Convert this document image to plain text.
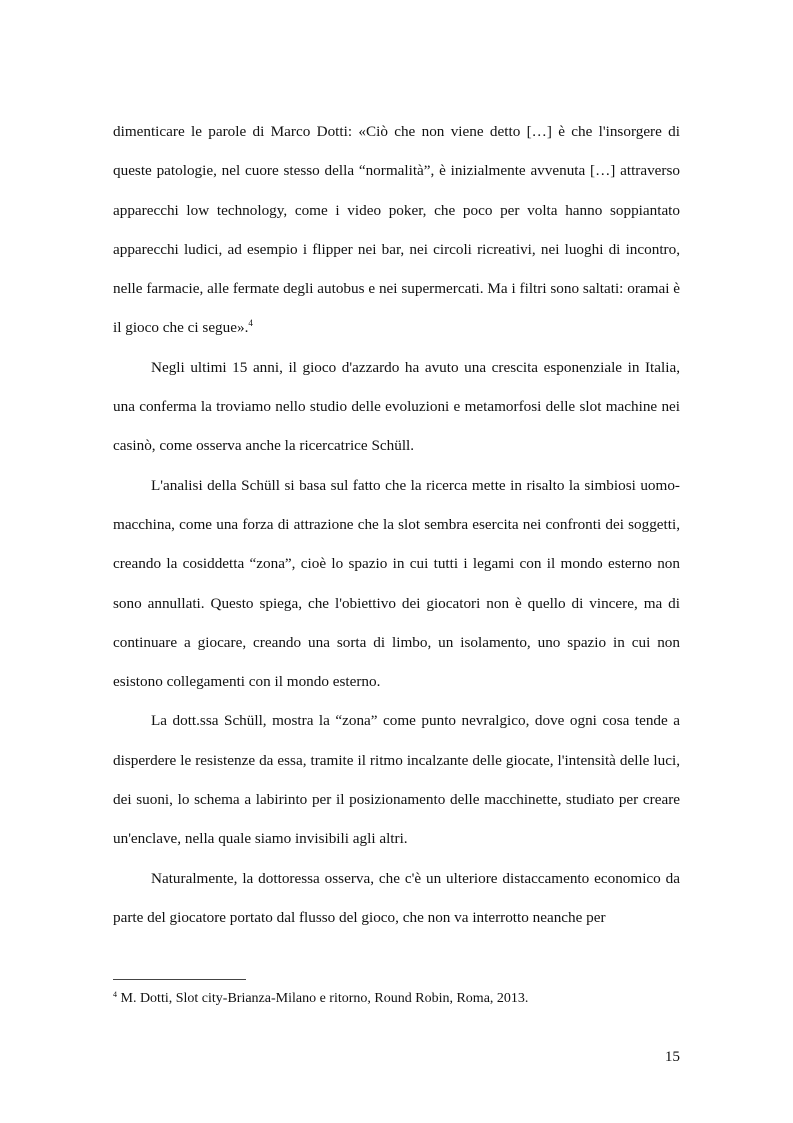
dimenticare le parole di Marco Dotti: «Ciò che non viene detto […] è che l'insorgere di queste patologie, nel cuore stesso della “normalità”, è inizialmente avvenuta […] attraverso apparecchi low technology, come i video poker, che poco per volta hanno soppiantato apparecchi ludici, ad esempio i flipper nei bar, nei circoli ricreativi, nei luoghi di incontro, nelle farmacie, alle fermate degli autobus e nei supermercati. Ma i filtri sono saltati: oramai è il gioco che ci segue».$^4$

Negli ultimi 15 anni, il gioco d'azzardo ha avuto una crescita esponenziale in Italia, una conferma la troviamo nello studio delle evoluzioni e metamorfosi delle slot machine nei casinò, come osserva anche la ricercatrice Schüll.

L'analisi della Schüll si basa sul fatto che la ricerca mette in risalto la simbiosi uomo-macchina, come una forza di attrazione che la slot sembra esercita nei confronti dei soggetti, creando la cosiddetta “zona”, cioè lo spazio in cui tutti i legami con il mondo esterno non sono annullati. Questo spiega, che l'obiettivo dei giocatori non è quello di vincere, ma di continuare a giocare, creando una sorta di limbo, un isolamento, uno spazio in cui non esistono collegamenti con il mondo esterno.

La dott.ssa Schüll, mostra la “zona” come punto nevralgico, dove ogni cosa tende a disperdere le resistenze da essa, tramite il ritmo incalzante delle giocate, l'intensità delle luci, dei suoni, lo schema a labirinto per il posizionamento delle macchinette, studiato per creare un'enclave, nella quale siamo invisibili agli altri.

Naturalmente, la dottoressa osserva, che c'è un ulteriore distaccamento economico da parte del giocatore portato dal flusso del gioco, che non va interrotto neanche per

$^4$ M. Dotti, Slot city-Brianza-Milano e ritorno, Round Robin, Roma, 2013.

15
